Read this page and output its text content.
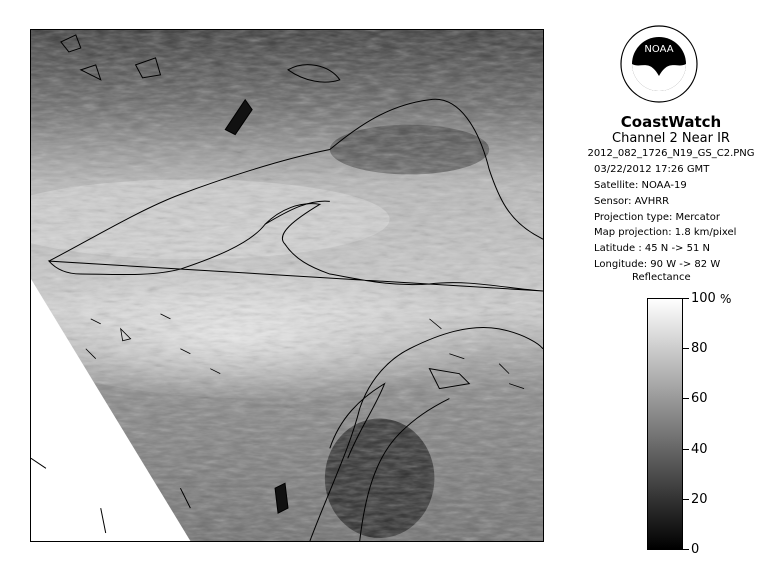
NOAA
CoastWatch
Channel 2 Near IR
2012_082_1726_N19_GS_C2.PNG
03/22/2012 17:26 GMT
Satellite: NOAA-19
Sensor: AVHRR
Projection type: Mercator
Map projection: 1.8 km/pixel
Latitude : 45 N -> 51 N
Longitude: 90 W -> 82 W
Reflectance
%
100
80
60
40
20
0
